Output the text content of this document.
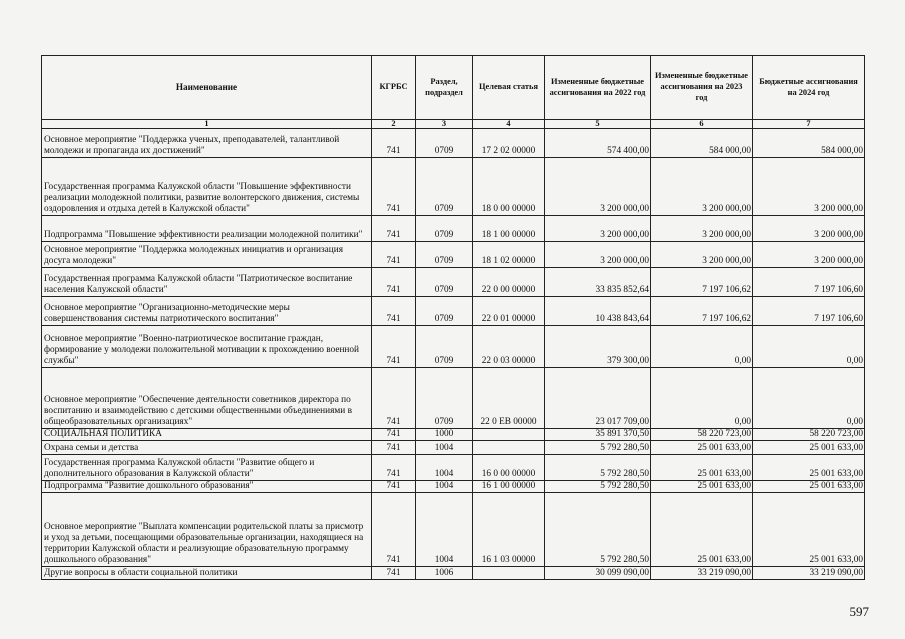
Наименование	КГРБС	Раздел, подраздел	Целевая статья	Измененные бюджетные ассигнования на 2022 год	Измененные бюджетные ассигнования на 2023 год	Бюджетные ассигнования на 2024 год
1	2	3	4	5	6	7
Основное мероприятие "Поддержка ученых, преподавателей, талантливой молодежи и пропаганда их достижений"	741	0709	17 2 02 00000	574 400,00	584 000,00	584 000,00
Государственная программа Калужской области "Повышение эффективности реализации молодежной политики, развитие волонтерского движения, системы оздоровления и отдыха детей в Калужской области"	741	0709	18 0 00 00000	3 200 000,00	3 200 000,00	3 200 000,00
Подпрограмма "Повышение эффективности реализации молодежной политики"	741	0709	18 1 00 00000	3 200 000,00	3 200 000,00	3 200 000,00
Основное мероприятие "Поддержка молодежных инициатив и организация досуга молодежи"	741	0709	18 1 02 00000	3 200 000,00	3 200 000,00	3 200 000,00
Государственная программа Калужской области "Патриотическое воспитание населения Калужской области"	741	0709	22 0 00 00000	33 835 852,64	7 197 106,62	7 197 106,60
Основное мероприятие "Организационно-методические меры совершенствования системы патриотического воспитания"	741	0709	22 0 01 00000	10 438 843,64	7 197 106,62	7 197 106,60
Основное мероприятие "Военно-патриотическое воспитание граждан, формирование у молодежи положительной мотивации к прохождению военной службы"	741	0709	22 0 03 00000	379 300,00	0,00	0,00
Основное мероприятие "Обеспечение деятельности советников директора по воспитанию и взаимодействию с детскими общественными объединениями в общеобразовательных организациях"	741	0709	22 0 EB 00000	23 017 709,00	0,00	0,00
СОЦИАЛЬНАЯ ПОЛИТИКА	741	1000		35 891 370,50	58 220 723,00	58 220 723,00
Охрана семьи и детства	741	1004		5 792 280,50	25 001 633,00	25 001 633,00
Государственная программа Калужской области "Развитие общего и дополнительного образования в Калужской области"	741	1004	16 0 00 00000	5 792 280,50	25 001 633,00	25 001 633,00
Подпрограмма "Развитие дошкольного образования"	741	1004	16 1 00 00000	5 792 280,50	25 001 633,00	25 001 633,00
Основное мероприятие "Выплата компенсации родительской платы за присмотр и уход за детьми, посещающими образовательные организации, находящиеся на территории Калужской области и реализующие образовательную программу дошкольного образования"	741	1004	16 1 03 00000	5 792 280,50	25 001 633,00	25 001 633,00
Другие вопросы в области социальной политики	741	1006		30 099 090,00	33 219 090,00	33 219 090,00
597
